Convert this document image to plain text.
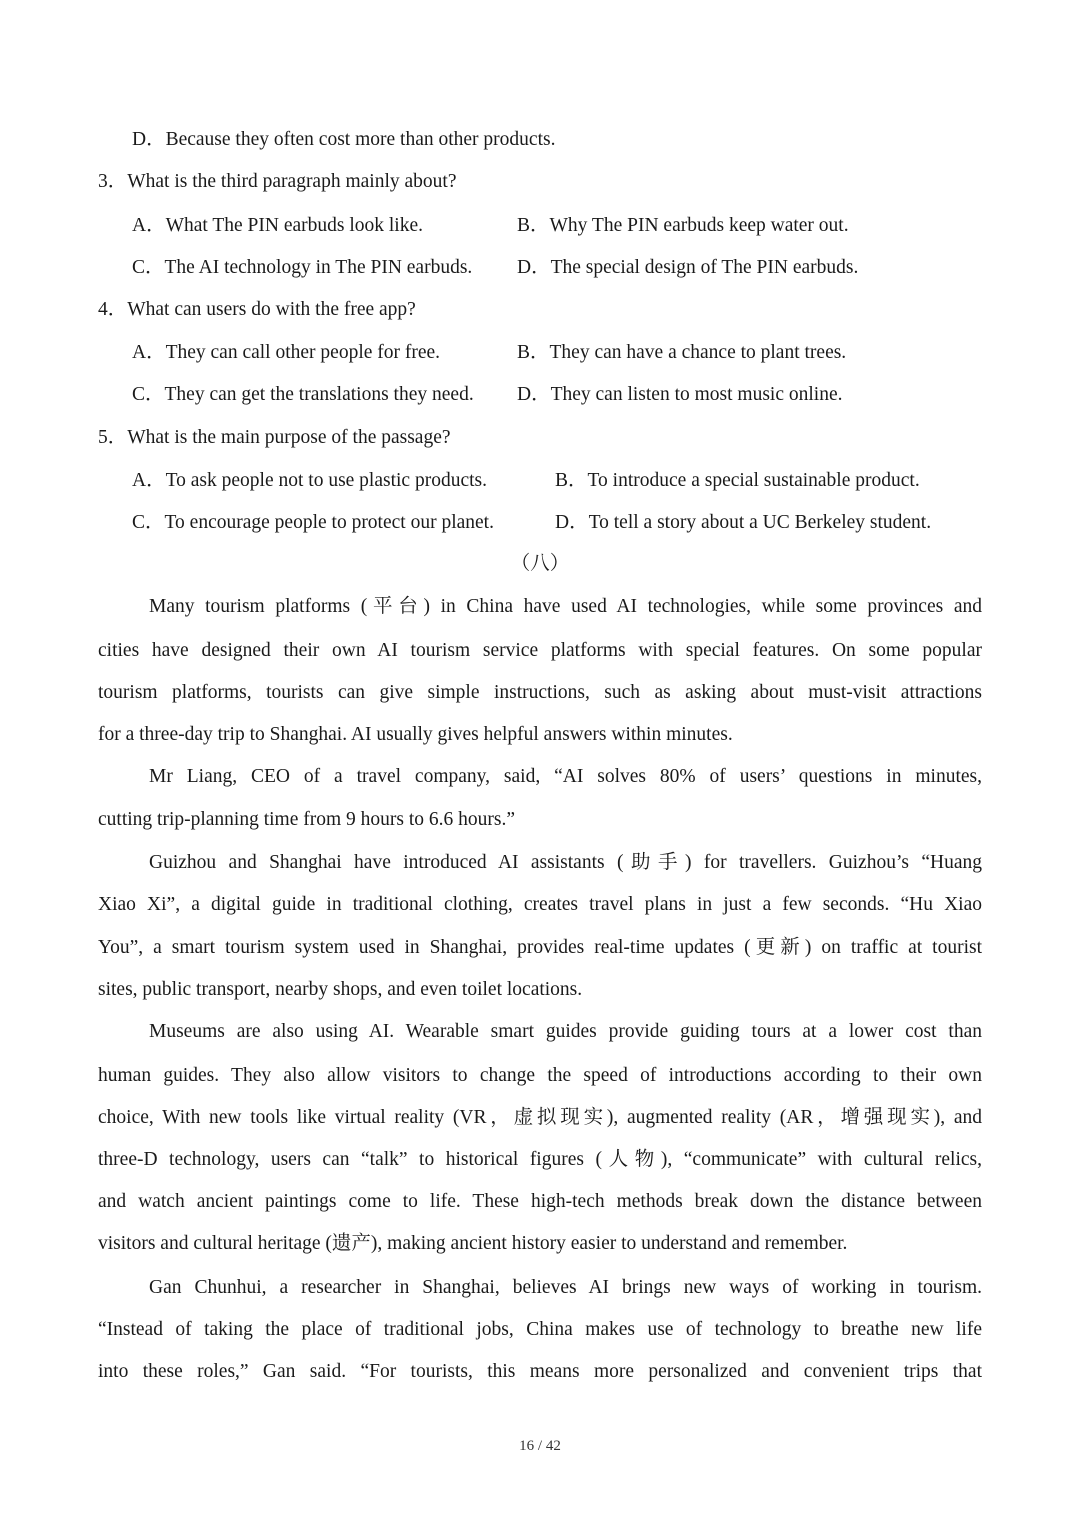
D．Because they often cost more than other products.
3．What is the third paragraph mainly about?
A．What The PIN earbuds look like.	B．Why The PIN earbuds keep water out.
C．The AI technology in The PIN earbuds. D．The special design of The PIN earbuds.
4．What can users do with the free app?
A．They can call other people for free.	B．They can have a chance to plant trees.
C．They can get the translations they need. D．They can listen to most music online.
5．What is the main purpose of the passage?
A．To ask people not to use plastic products.	B．To introduce a special sustainable product.
C．To encourage people to protect our planet.	D．To tell a story about a UC Berkeley student.
（八）
Many tourism platforms (平台) in China have used AI technologies, while some provinces and
cities have designed their own AI tourism service platforms with special features. On some popular
tourism platforms, tourists can give simple instructions, such as asking about must-visit attractions
for a three-day trip to Shanghai. AI usually gives helpful answers within minutes.
Mr Liang, CEO of a travel company, said, “AI solves 80% of users’ questions in minutes,
cutting trip-planning time from 9 hours to 6.6 hours.”
Guizhou and Shanghai have introduced AI assistants (助手) for travellers. Guizhou’s “Huang
Xiao Xi”, a digital guide in traditional clothing, creates travel plans in just a few seconds. “Hu Xiao
You”, a smart tourism system used in Shanghai, provides real-time updates (更新) on traffic at tourist
sites, public transport, nearby shops, and even toilet locations.
Museums are also using AI. Wearable smart guides provide guiding tours at a lower cost than
human guides. They also allow visitors to change the speed of introductions according to their own
choice, With new tools like virtual reality (VR，虚拟现实), augmented reality (AR，增强现实), and
three-D technology, users can “talk” to historical figures (人物), “communicate” with cultural relics,
and watch ancient paintings come to life. These high-tech methods break down the distance between
visitors and cultural heritage (遗产), making ancient history easier to understand and remember.
Gan Chunhui, a researcher in Shanghai, believes AI brings new ways of working in tourism.
“Instead of taking the place of traditional jobs, China makes use of technology to breathe new life
into these roles,” Gan said. “For tourists, this means more personalized and convenient trips that
16 / 42
